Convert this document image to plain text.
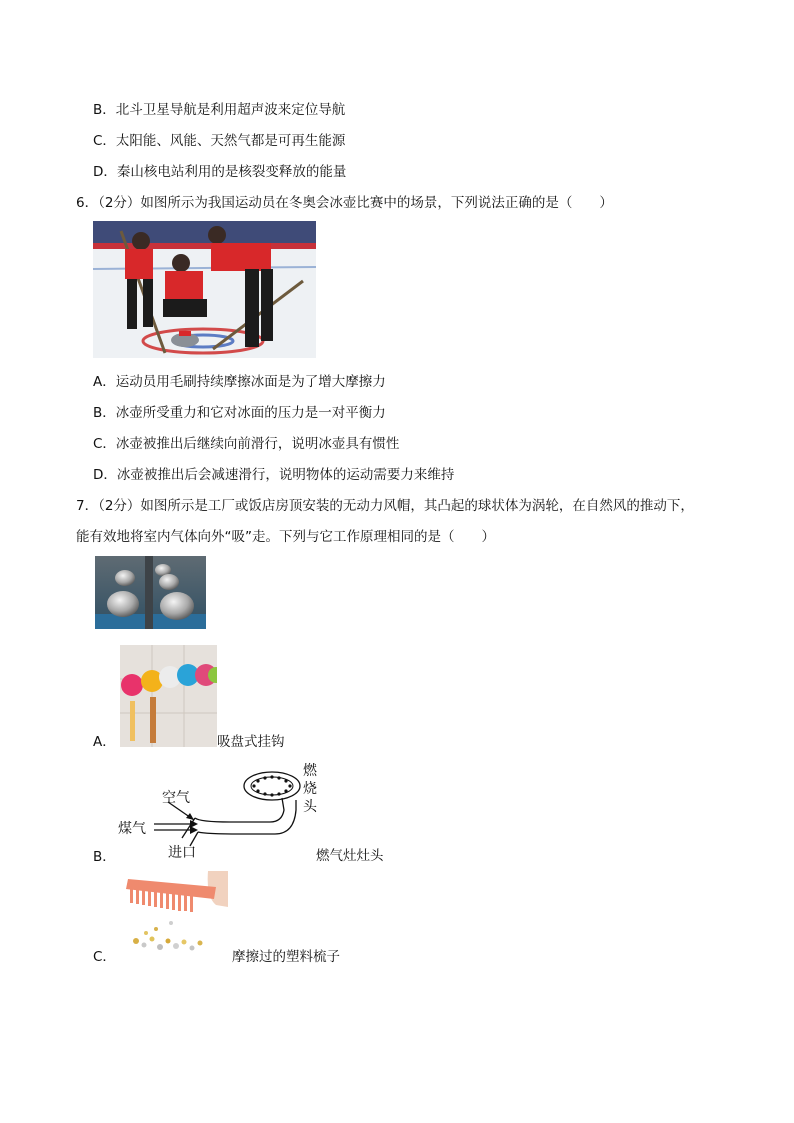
B．北斗卫星导航是利用超声波来定位导航
C．太阳能、风能、天然气都是可再生能源
D．秦山核电站利用的是核裂变释放的能量
6．（2分）如图所示为我国运动员在冬奥会冰壶比赛中的场景，下列说法正确的是（　　）
A．运动员用毛刷持续摩擦冰面是为了增大摩擦力
B．冰壶所受重力和它对冰面的压力是一对平衡力
C．冰壶被推出后继续向前滑行，说明冰壶具有惯性
D．冰壶被推出后会减速滑行，说明物体的运动需要力来维持
7．（2分）如图所示是工厂或饭店房顶安装的无动力风帽，其凸起的球状体为涡轮，在自然风的推动下，
能有效地将室内气体向外“吸”走。下列与它工作原理相同的是（　　）
A．	吸盘式挂钩
空气
煤气
进口
燃
烧
头
B．	燃气灶灶头
C．	摩擦过的塑料梳子
